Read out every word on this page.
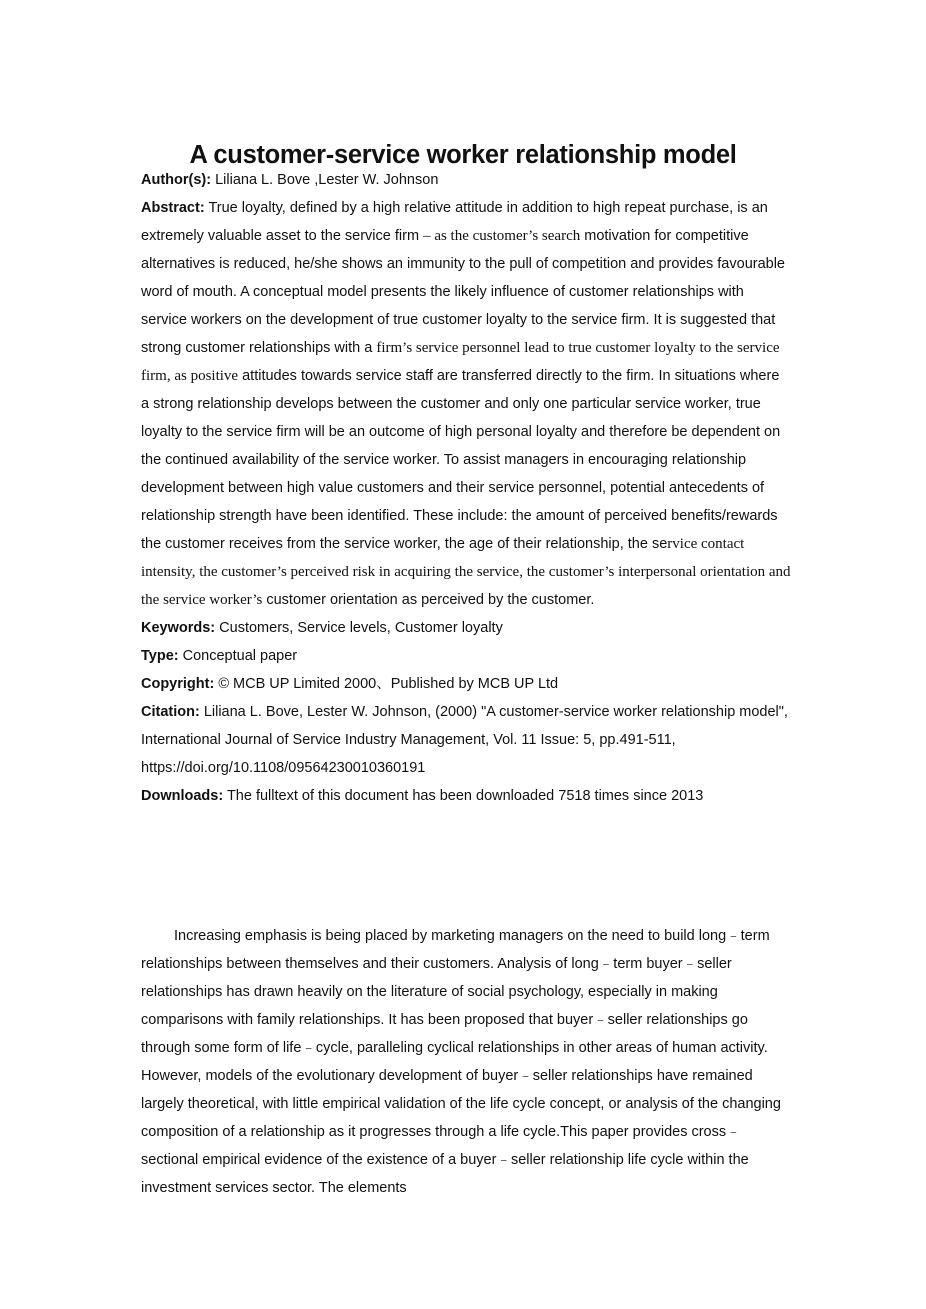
A customer-service worker relationship model

Author(s): Liliana L. Bove ,Lester W. Johnson

Abstract: True loyalty, defined by a high relative attitude in addition to high repeat purchase, is an extremely valuable asset to the service firm – as the customer’s search motivation for competitive alternatives is reduced, he/she shows an immunity to the pull of competition and provides favourable word of mouth. A conceptual model presents the likely influence of customer relationships with service workers on the development of true customer loyalty to the service firm. It is suggested that strong customer relationships with a firm’s service personnel lead to true customer loyalty to the service firm, as positive attitudes towards service staff are transferred directly to the firm. In situations where a strong relationship develops between the customer and only one particular service worker, true loyalty to the service firm will be an outcome of high personal loyalty and therefore be dependent on the continued availability of the service worker. To assist managers in encouraging relationship development between high value customers and their service personnel, potential antecedents of relationship strength have been identified. These include: the amount of perceived benefits/rewards the customer receives from the service worker, the age of their relationship, the service contact intensity, the customer’s perceived risk in acquiring the service, the customer’s interpersonal orientation and the service worker’s customer orientation as perceived by the customer.

Keywords: Customers, Service levels, Customer loyalty

Type: Conceptual paper

Copyright: © MCB UP Limited 2000、Published by MCB UP Ltd

Citation: Liliana L. Bove, Lester W. Johnson, (2000) "A customer-service worker relationship model", International Journal of Service Industry Management, Vol. 11 Issue: 5, pp.491-511, https://doi.org/10.1108/09564230010360191

Downloads: The fulltext of this document has been downloaded 7518 times since 2013

Increasing emphasis is being placed by marketing managers on the need to build long﹣term relationships between themselves and their customers. Analysis of long﹣term buyer﹣seller relationships has drawn heavily on the literature of social psychology, especially in making comparisons with family relationships. It has been proposed that buyer﹣seller relationships go through some form of life﹣cycle, paralleling cyclical relationships in other areas of human activity. However, models of the evolutionary development of buyer﹣seller relationships have remained largely theoretical, with little empirical validation of the life cycle concept, or analysis of the changing composition of a relationship as it progresses through a life cycle.This paper provides cross﹣sectional empirical evidence of the existence of a buyer﹣seller relationship life cycle within the investment services sector. The elements
